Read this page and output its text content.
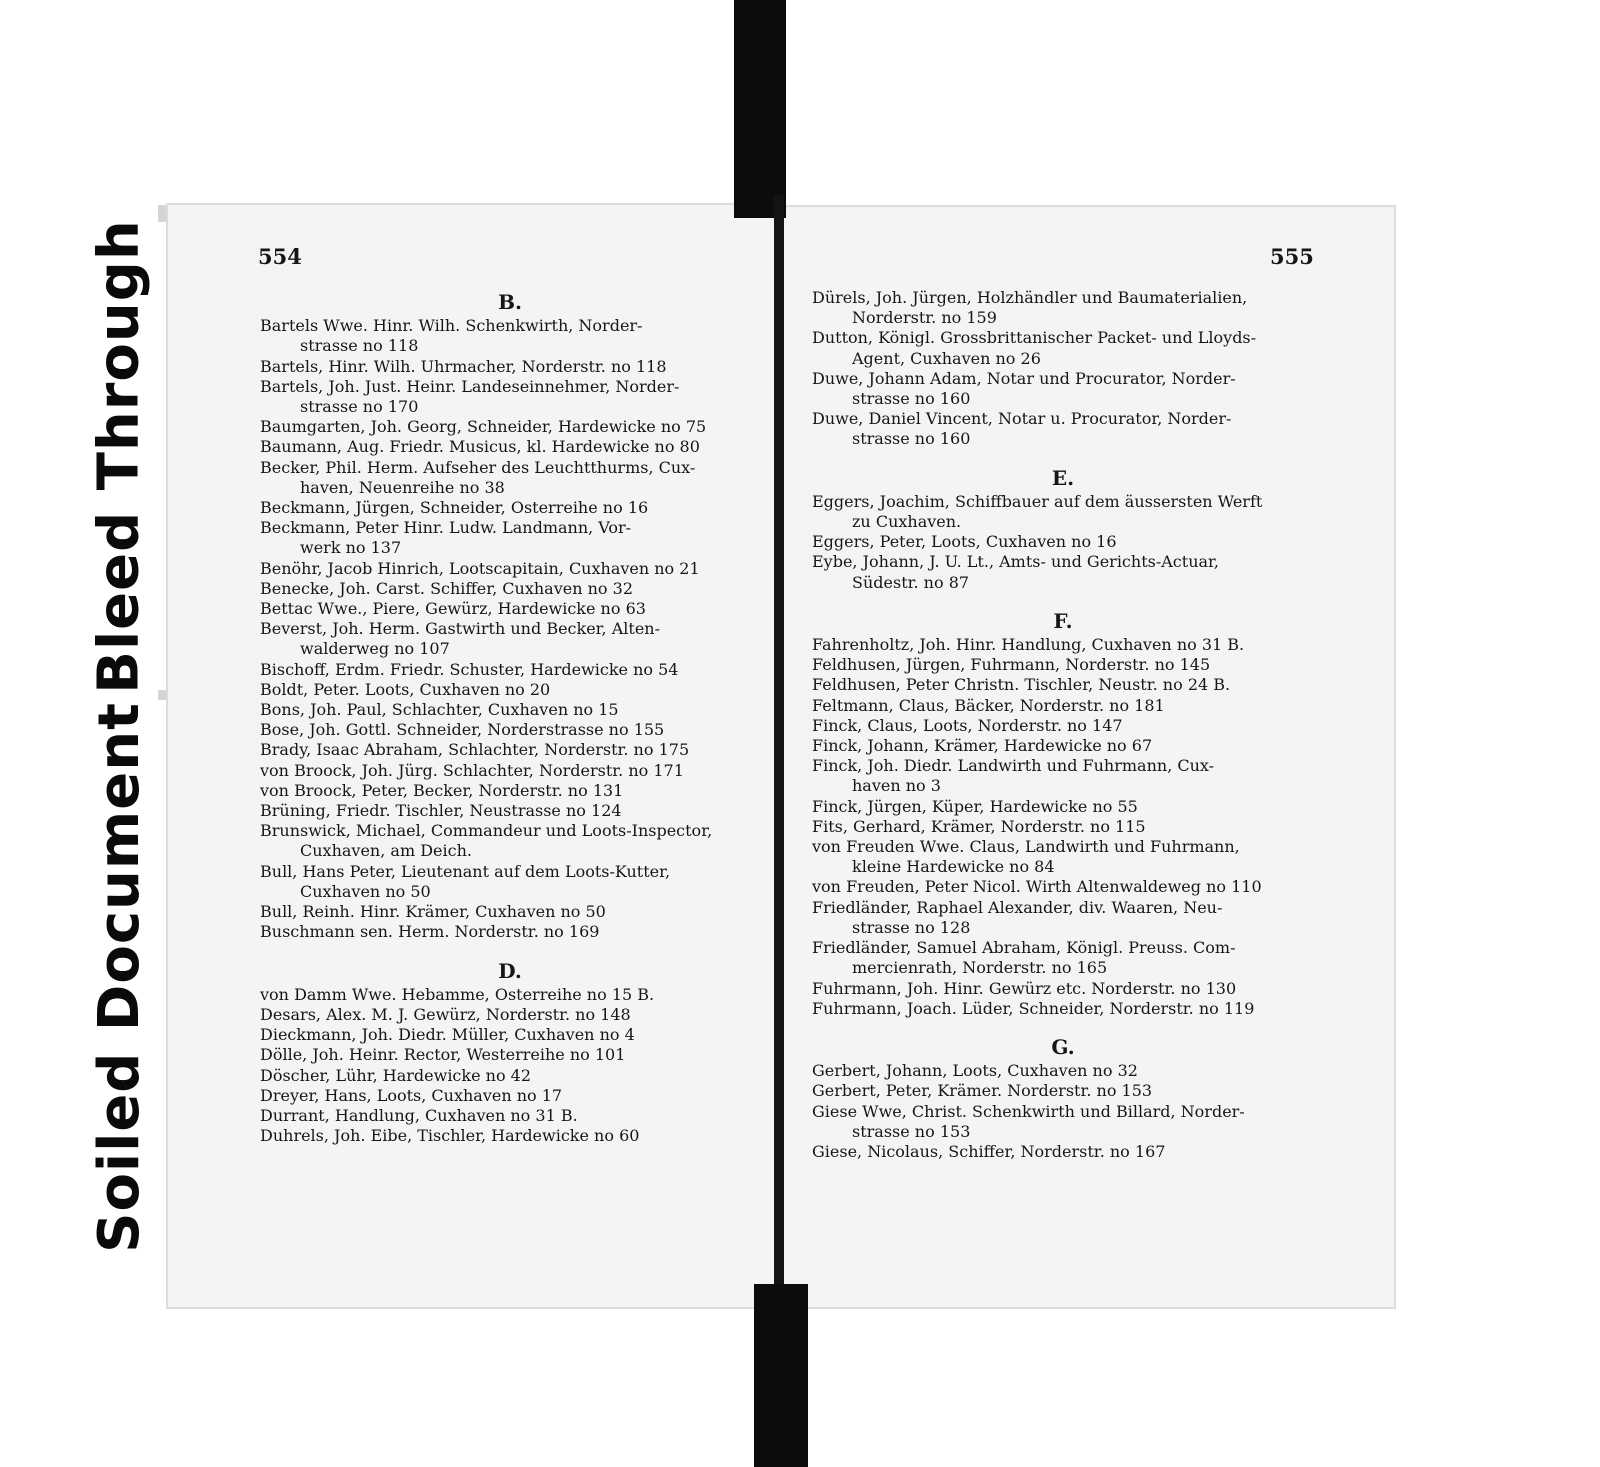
Bleed Through
Soiled Document
554	555
B.
Bartels Wwe. Hinr. Wilh. Schenkwirth, Norder-
strasse no 118
Bartels, Hinr. Wilh. Uhrmacher, Norderstr. no 118
Bartels, Joh. Just. Heinr. Landeseinnehmer, Norder-
strasse no 170
Baumgarten, Joh. Georg, Schneider, Hardewicke no 75
Baumann, Aug. Friedr. Musicus, kl. Hardewicke no 80
Becker, Phil. Herm. Aufseher des Leuchtthurms, Cux-
haven, Neuenreihe no 38
Beckmann, Jürgen, Schneider, Osterreihe no 16
Beckmann, Peter Hinr. Ludw. Landmann, Vor-
werk no 137
Benöhr, Jacob Hinrich, Lootscapitain, Cuxhaven no 21
Benecke, Joh. Carst. Schiffer, Cuxhaven no 32
Bettac Wwe., Piere, Gewürz, Hardewicke no 63
Beverst, Joh. Herm. Gastwirth und Becker, Alten-
walderweg no 107
Bischoff, Erdm. Friedr. Schuster, Hardewicke no 54
Boldt, Peter. Loots, Cuxhaven no 20
Bons, Joh. Paul, Schlachter, Cuxhaven no 15
Bose, Joh. Gottl. Schneider, Norderstrasse no 155
Brady, Isaac Abraham, Schlachter, Norderstr. no 175
von Broock, Joh. Jürg. Schlachter, Norderstr. no 171
von Broock, Peter, Becker, Norderstr. no 131
Brüning, Friedr. Tischler, Neustrasse no 124
Brunswick, Michael, Commandeur und Loots-Inspector,
Cuxhaven, am Deich.
Bull, Hans Peter, Lieutenant auf dem Loots-Kutter,
Cuxhaven no 50
Bull, Reinh. Hinr. Krämer, Cuxhaven no 50
Buschmann sen. Herm. Norderstr. no 169
D.
von Damm Wwe. Hebamme, Osterreihe no 15 B.
Desars, Alex. M. J. Gewürz, Norderstr. no 148
Dieckmann, Joh. Diedr. Müller, Cuxhaven no 4
Dölle, Joh. Heinr. Rector, Westerreihe no 101
Döscher, Lühr, Hardewicke no 42
Dreyer, Hans, Loots, Cuxhaven no 17
Durrant, Handlung, Cuxhaven no 31 B.
Duhrels, Joh. Eibe, Tischler, Hardewicke no 60
Dürels, Joh. Jürgen, Holzhändler und Baumaterialien,
Norderstr. no 159
Dutton, Königl. Grossbrittanischer Packet- und Lloyds-
Agent, Cuxhaven no 26
Duwe, Johann Adam, Notar und Procurator, Norder-
strasse no 160
Duwe, Daniel Vincent, Notar u. Procurator, Norder-
strasse no 160
E.
Eggers, Joachim, Schiffbauer auf dem äussersten Werft
zu Cuxhaven.
Eggers, Peter, Loots, Cuxhaven no 16
Eybe, Johann, J. U. Lt., Amts- und Gerichts-Actuar,
Südestr. no 87
F.
Fahrenholtz, Joh. Hinr. Handlung, Cuxhaven no 31 B.
Feldhusen, Jürgen, Fuhrmann, Norderstr. no 145
Feldhusen, Peter Christn. Tischler, Neustr. no 24 B.
Feltmann, Claus, Bäcker, Norderstr. no 181
Finck, Claus, Loots, Norderstr. no 147
Finck, Johann, Krämer, Hardewicke no 67
Finck, Joh. Diedr. Landwirth und Fuhrmann, Cux-
haven no 3
Finck, Jürgen, Küper, Hardewicke no 55
Fits, Gerhard, Krämer, Norderstr. no 115
von Freuden Wwe. Claus, Landwirth und Fuhrmann,
kleine Hardewicke no 84
von Freuden, Peter Nicol. Wirth Altenwaldeweg no 110
Friedländer, Raphael Alexander, div. Waaren, Neu-
strasse no 128
Friedländer, Samuel Abraham, Königl. Preuss. Com-
mercienrath, Norderstr. no 165
Fuhrmann, Joh. Hinr. Gewürz etc. Norderstr. no 130
Fuhrmann, Joach. Lüder, Schneider, Norderstr. no 119
G.
Gerbert, Johann, Loots, Cuxhaven no 32
Gerbert, Peter, Krämer. Norderstr. no 153
Giese Wwe, Christ. Schenkwirth und Billard, Norder-
strasse no 153
Giese, Nicolaus, Schiffer, Norderstr. no 167
